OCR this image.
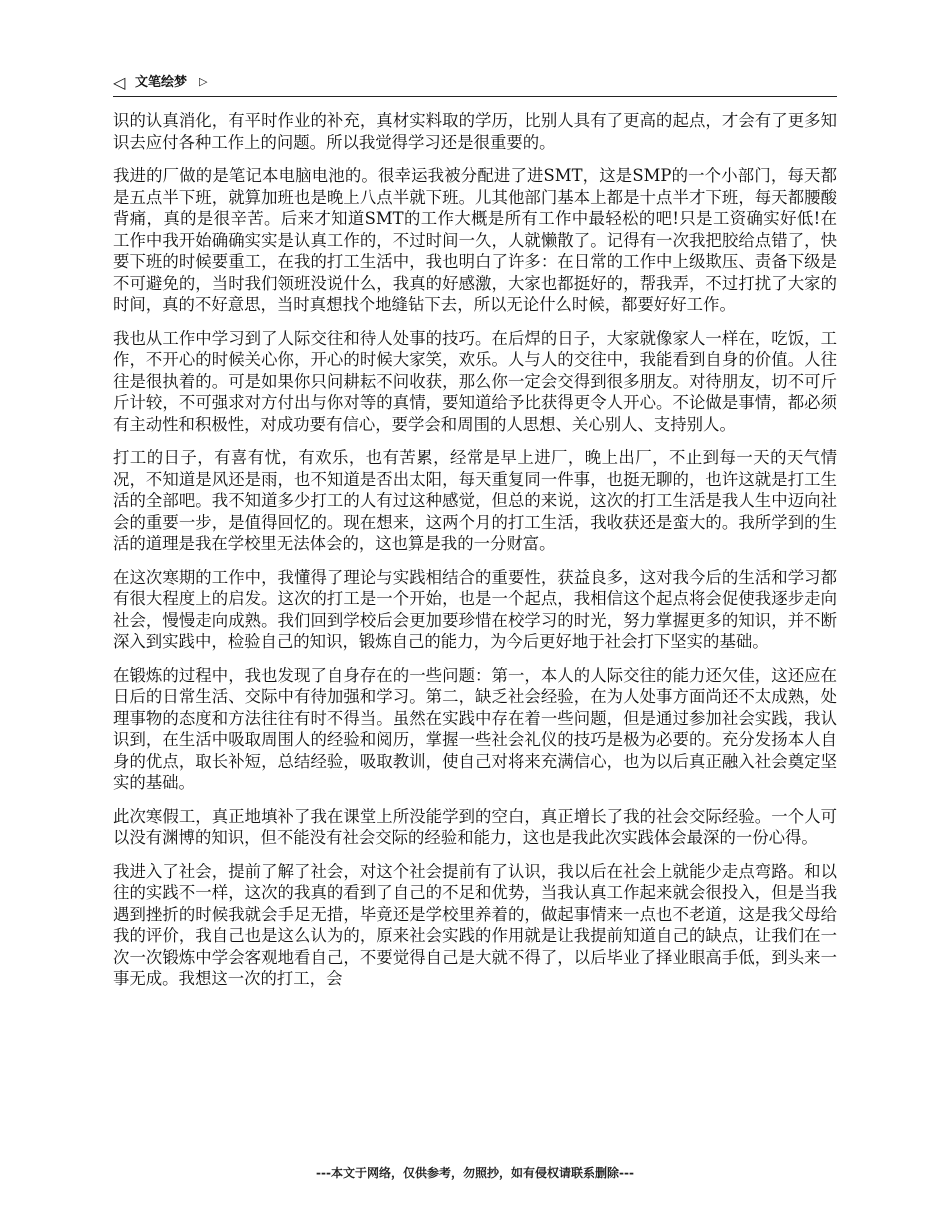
◁ 文笔绘梦 ▷

识的认真消化，有平时作业的补充，真材实料取的学历，比别人具有了更高的起点，才会有了更多知识去应付各种工作上的问题。所以我觉得学习还是很重要的。

我进的厂做的是笔记本电脑电池的。很幸运我被分配进了进SMT，这是SMP的一个小部门，每天都是五点半下班，就算加班也是晚上八点半就下班。儿其他部门基本上都是十点半才下班，每天都腰酸背痛，真的是很辛苦。后来才知道SMT的工作大概是所有工作中最轻松的吧!只是工资确实好低!在工作中我开始确确实实是认真工作的，不过时间一久，人就懒散了。记得有一次我把胶给点错了，快要下班的时候要重工，在我的打工生活中，我也明白了许多：在日常的工作中上级欺压、责备下级是不可避免的，当时我们领班没说什么，我真的好感激，大家也都挺好的，帮我弄，不过打扰了大家的时间，真的不好意思，当时真想找个地缝钻下去，所以无论什么时候，都要好好工作。

我也从工作中学习到了人际交往和待人处事的技巧。在后焊的日子，大家就像家人一样在，吃饭，工作，不开心的时候关心你，开心的时候大家笑，欢乐。人与人的交往中，我能看到自身的价值。人往往是很执着的。可是如果你只问耕耘不问收获，那么你一定会交得到很多朋友。对待朋友，切不可斤斤计较，不可强求对方付出与你对等的真情，要知道给予比获得更令人开心。不论做是事情，都必须有主动性和积极性，对成功要有信心，要学会和周围的人思想、关心别人、支持别人。

打工的日子，有喜有忧，有欢乐，也有苦累，经常是早上进厂，晚上出厂，不止到每一天的天气情况，不知道是风还是雨，也不知道是否出太阳，每天重复同一件事，也挺无聊的，也许这就是打工生活的全部吧。我不知道多少打工的人有过这种感觉，但总的来说，这次的打工生活是我人生中迈向社会的重要一步，是值得回忆的。现在想来，这两个月的打工生活，我收获还是蛮大的。我所学到的生活的道理是我在学校里无法体会的，这也算是我的一分财富。

在这次寒期的工作中，我懂得了理论与实践相结合的重要性，获益良多，这对我今后的生活和学习都有很大程度上的启发。这次的打工是一个开始，也是一个起点，我相信这个起点将会促使我逐步走向社会，慢慢走向成熟。我们回到学校后会更加要珍惜在校学习的时光，努力掌握更多的知识，并不断深入到实践中，检验自己的知识，锻炼自己的能力，为今后更好地于社会打下坚实的基础。

在锻炼的过程中，我也发现了自身存在的一些问题：第一，本人的人际交往的能力还欠佳，这还应在日后的日常生活、交际中有待加强和学习。第二，缺乏社会经验，在为人处事方面尚还不太成熟，处理事物的态度和方法往往有时不得当。虽然在实践中存在着一些问题，但是通过参加社会实践，我认识到，在生活中吸取周围人的经验和阅历，掌握一些社会礼仪的技巧是极为必要的。充分发扬本人自身的优点，取长补短，总结经验，吸取教训，使自己对将来充满信心，也为以后真正融入社会奠定坚实的基础。

此次寒假工，真正地填补了我在课堂上所没能学到的空白，真正增长了我的社会交际经验。一个人可以没有渊博的知识，但不能没有社会交际的经验和能力，这也是我此次实践体会最深的一份心得。

我进入了社会，提前了解了社会，对这个社会提前有了认识，我以后在社会上就能少走点弯路。和以往的实践不一样，这次的我真的看到了自己的不足和优势，当我认真工作起来就会很投入，但是当我遇到挫折的时候我就会手足无措，毕竟还是学校里养着的，做起事情来一点也不老道，这是我父母给我的评价，我自己也是这么认为的，原来社会实践的作用就是让我提前知道自己的缺点，让我们在一次一次锻炼中学会客观地看自己，不要觉得自己是大就不得了，以后毕业了择业眼高手低，到头来一事无成。我想这一次的打工，会

---本文于网络，仅供参考，勿照抄，如有侵权请联系删除---
